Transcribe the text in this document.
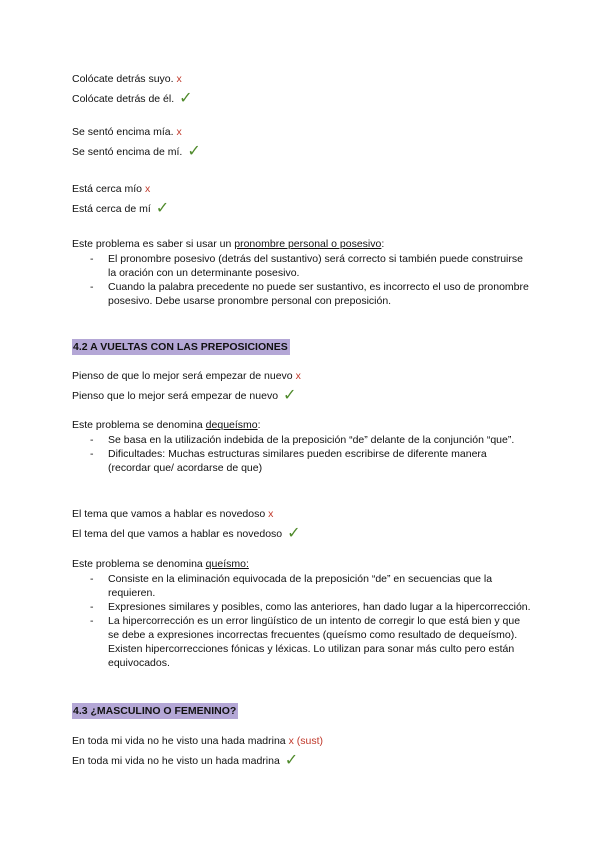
Colócate detrás suyo. x
Colócate detrás de él. ✓
Se sentó encima mía. x
Se sentó encima de mí. ✓
Está cerca mío x
Está cerca de mí ✓

Este problema es saber si usar un pronombre personal o posesivo:

- El pronombre posesivo (detrás del sustantivo) será correcto si también puede construirse la oración con un determinante posesivo.
- Cuando la palabra precedente no puede ser sustantivo, es incorrecto el uso de pronombre posesivo. Debe usarse pronombre personal con preposición.
4.2 A VUELTAS CON LAS PREPOSICIONES
Pienso de que lo mejor será empezar de nuevo x
Pienso que lo mejor será empezar de nuevo ✓

Este problema se denomina dequeísmo:

- Se basa en la utilización indebida de la preposición “de” delante de la conjunción “que”.
- Dificultades: Muchas estructuras similares pueden escribirse de diferente manera (recordar que/ acordarse de que)
El tema que vamos a hablar es novedoso x
El tema del que vamos a hablar es novedoso ✓

Este problema se denomina queísmo:

- Consiste en la eliminación equivocada de la preposición “de” en secuencias que la requieren.
- Expresiones similares y posibles, como las anteriores, han dado lugar a la hipercorrección.
- La hipercorrección es un error lingüístico de un intento de corregir lo que está bien y que se debe a expresiones incorrectas frecuentes (queísmo como resultado de dequeísmo). Existen hipercorrecciones fónicas y léxicas. Lo utilizan para sonar más culto pero están equivocados.
4.3 ¿MASCULINO O FEMENINO?
En toda mi vida no he visto una hada madrina x (sust)
En toda mi vida no he visto un hada madrina ✓
